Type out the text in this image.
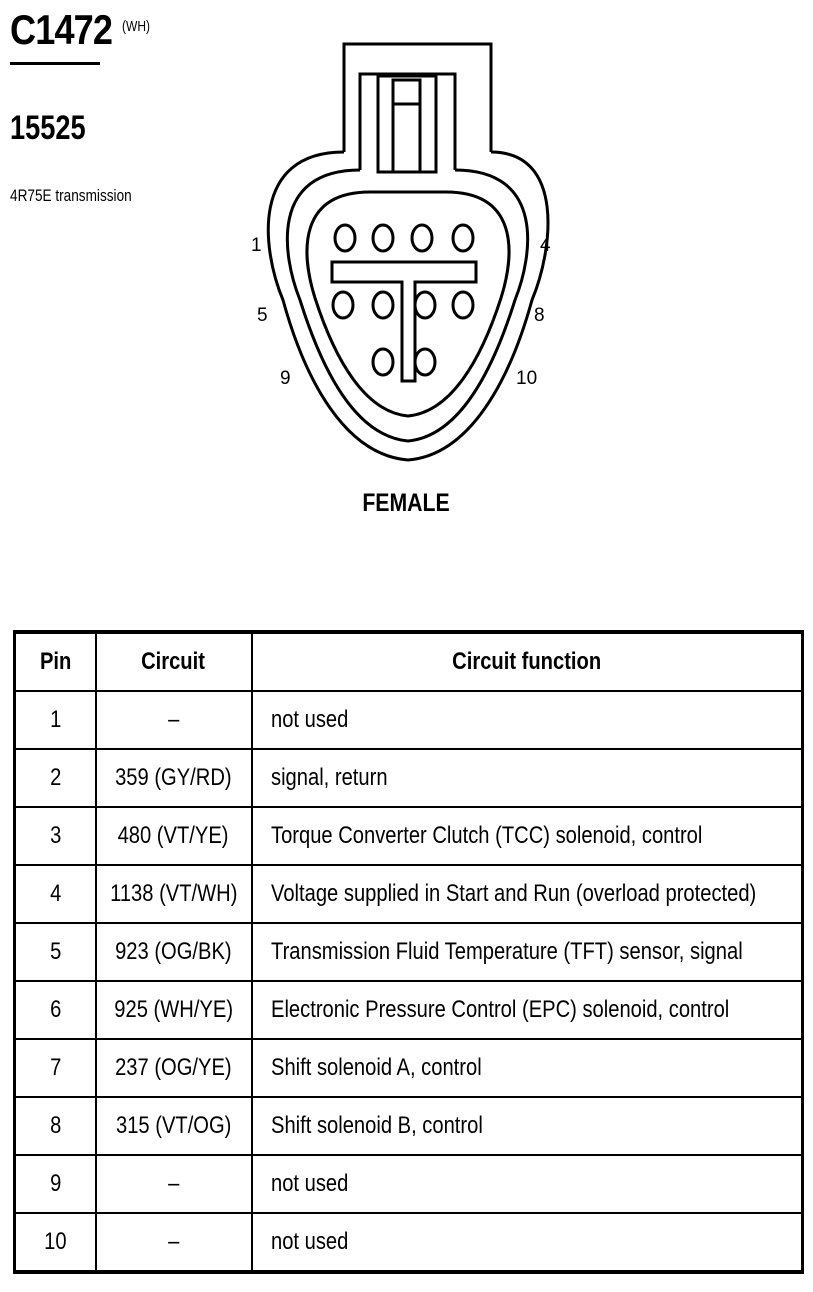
C1472 (WH)
15525
4R75E transmission
1	4
5	8
9	10
FEMALE
Pin	Circuit	Circuit function
1	–	not used
2	359 (GY/RD)	signal, return
3	480 (VT/YE)	Torque Converter Clutch (TCC) solenoid, control
4	1138 (VT/WH)	Voltage supplied in Start and Run (overload protected)
5	923 (OG/BK)	Transmission Fluid Temperature (TFT) sensor, signal
6	925 (WH/YE)	Electronic Pressure Control (EPC) solenoid, control
7	237 (OG/YE)	Shift solenoid A, control
8	315 (VT/OG)	Shift solenoid B, control
9	–	not used
10	–	not used
